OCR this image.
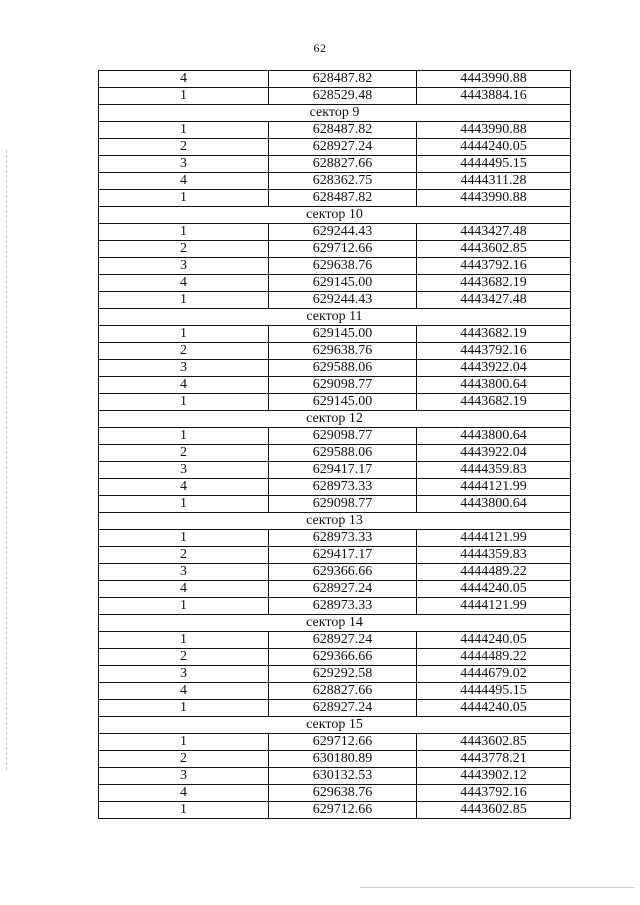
62
4	628487.82	4443990.88
1	628529.48	4443884.16
сектор 9		
1	628487.82	4443990.88
2	628927.24	4444240.05
3	628827.66	4444495.15
4	628362.75	4444311.28
1	628487.82	4443990.88
сектор 10		
1	629244.43	4443427.48
2	629712.66	4443602.85
3	629638.76	4443792.16
4	629145.00	4443682.19
1	629244.43	4443427.48
сектор 11		
1	629145.00	4443682.19
2	629638.76	4443792.16
3	629588.06	4443922.04
4	629098.77	4443800.64
1	629145.00	4443682.19
сектор 12		
1	629098.77	4443800.64
2	629588.06	4443922.04
3	629417.17	4444359.83
4	628973.33	4444121.99
1	629098.77	4443800.64
сектор 13		
1	628973.33	4444121.99
2	629417.17	4444359.83
3	629366.66	4444489.22
4	628927.24	4444240.05
1	628973.33	4444121.99
сектор 14		
1	628927.24	4444240.05
2	629366.66	4444489.22
3	629292.58	4444679.02
4	628827.66	4444495.15
1	628927.24	4444240.05
сектор 15		
1	629712.66	4443602.85
2	630180.89	4443778.21
3	630132.53	4443902.12
4	629638.76	4443792.16
1	629712.66	4443602.85
